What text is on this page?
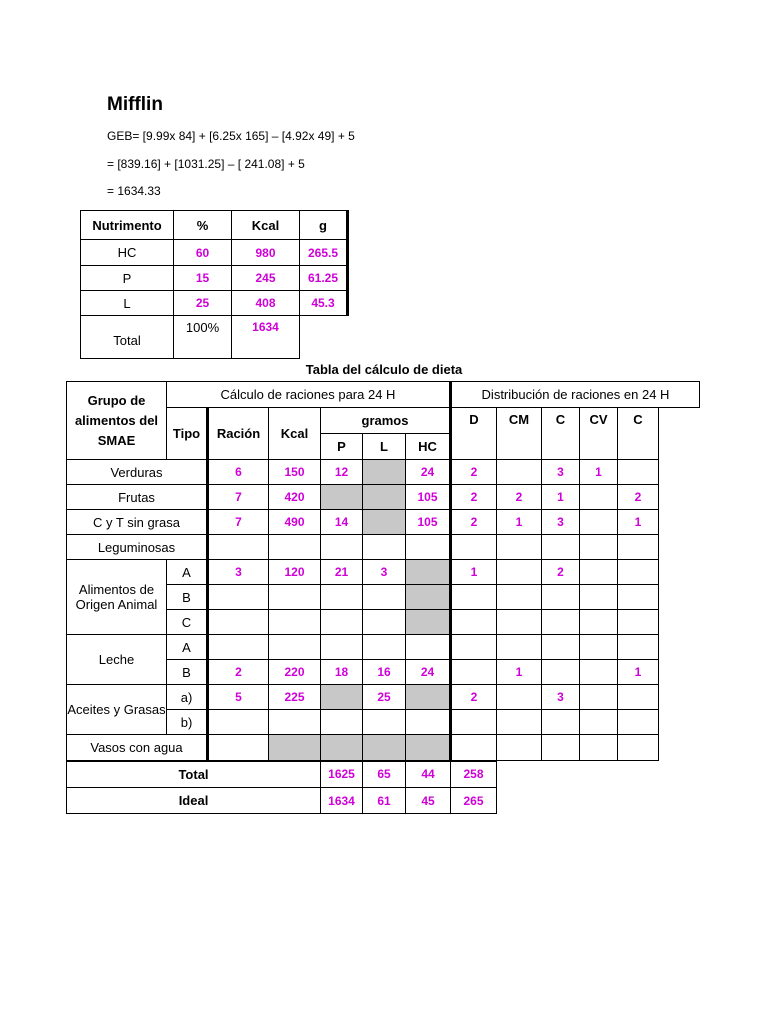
Mifflin
GEB= [9.99x 84] + [6.25x 165] – [4.92x 49] + 5
= [839.16] + [1031.25] – [ 241.08] + 5
= 1634.33
Nutrimento	%	Kcal	g
HC	60	980	265.5
P	15	245	61.25
L	25	408	45.3
Total	100%	1634	
Tabla del cálculo de dieta
Grupo de alimentos del SMAE	Cálculo de raciones para 24 H						Distribución de raciones en 24 H					
	Tipo	Ración	Kcal	gramos			D	CM	C	CV	C	
				P	L	HC						
Verduras		6	150	12		24	2		3	1		
Frutas		7	420			105	2	2	1		2	
C y T sin grasa		7	490	14		105	2	1	3		1	
Leguminosas												
Alimentos de Origen Animal	A	3	120	21	3		1		2			
	B											
	C											
Leche	A											
	B	2	220	18	16	24		1			1	
Aceites y Grasas	a)	5	225		25		2		3			
	b)											
Vasos con agua												
Total				1625	65	44	258					
Ideal				1634	61	45	265					
